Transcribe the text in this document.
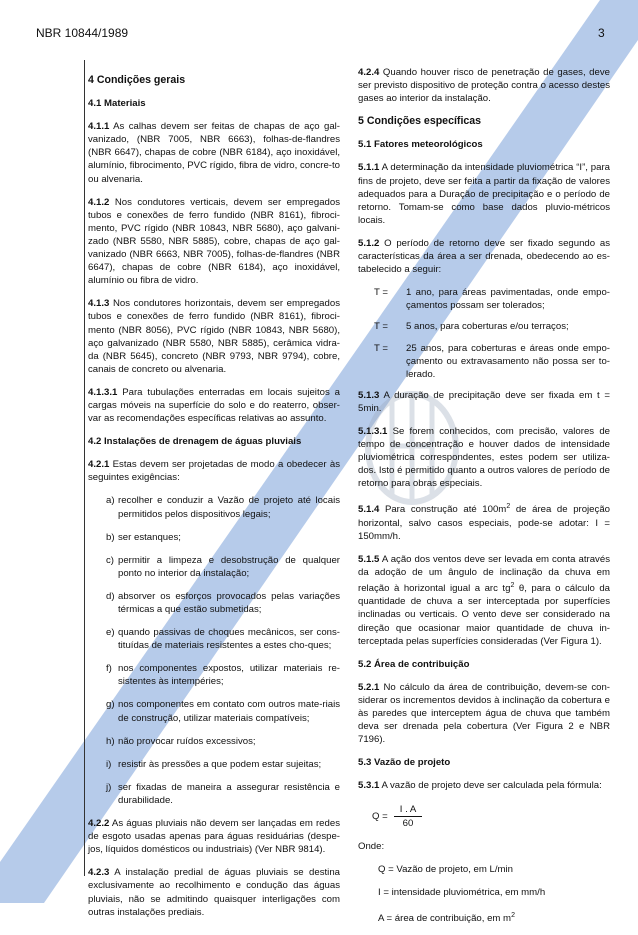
NBR 10844/1989	3
4 Condições gerais
4.1 Materiais

4.1.1 As calhas devem ser feitas de chapas de aço gal-vanizado, (NBR 7005, NBR 6663), folhas-de-flandres (NBR 6647), chapas de cobre (NBR 6184), aço inoxidável, alumínio, fibrocimento, PVC rígido, fibra de vidro, concre-to ou alvenaria.

4.1.2 Nos condutores verticais, devem ser empregados tubos e conexões de ferro fundido (NBR 8161), fibroci-mento, PVC rígido (NBR 10843, NBR 5680), aço galvani-zado (NBR 5580, NBR 5885), cobre, chapas de aço gal-vanizado (NBR 6663, NBR 7005), folhas-de-flandres (NBR 6647), chapas de cobre (NBR 6184), aço inoxidável, alumínio ou fibra de vidro.

4.1.3 Nos condutores horizontais, devem ser empregados tubos e conexões de ferro fundido (NBR 8161), fibroci-mento (NBR 8056), PVC rígido (NBR 10843, NBR 5680), aço galvanizado (NBR 5580, NBR 5885), cerâmica vidra-da (NBR 5645), concreto (NBR 9793, NBR 9794), cobre, canais de concreto ou alvenaria.

4.1.3.1 Para tubulações enterradas em locais sujeitos a cargas móveis na superfície do solo e do reaterro, obser-var as recomendações específicas relativas ao assunto.

4.2 Instalações de drenagem de águas pluviais

4.2.1 Estas devem ser projetadas de modo a obedecer às seguintes exigências:

a) recolher e conduzir a Vazão de projeto até locais permitidos pelos dispositivos legais;
b) ser estanques;
c) permitir a limpeza e desobstrução de qualquer ponto no interior da instalação;
d) absorver os esforços provocados pelas variações térmicas a que estão submetidas;
e) quando passivas de choques mecânicos, ser cons-tituídas de materiais resistentes a estes cho-ques;
f) nos componentes expostos, utilizar materiais re-sistentes às intempéries;
g) nos componentes em contato com outros mate-riais de construção, utilizar materiais compatíveis;
h) não provocar ruídos excessivos;
i) resistir às pressões a que podem estar sujeitas;
j) ser fixadas de maneira a assegurar resistência e durabilidade.

4.2.2 As águas pluviais não devem ser lançadas em redes de esgoto usadas apenas para águas residuárias (despe-jos, líquidos domésticos ou industriais) (Ver NBR 9814).

4.2.3 A instalação predial de águas pluviais se destina exclusivamente ao recolhimento e condução das águas pluviais, não se admitindo quaisquer interligações com outras instalações prediais.

4.2.4 Quando houver risco de penetração de gases, deve ser previsto dispositivo de proteção contra o acesso destes gases ao interior da instalação.

5 Condições específicas
5.1 Fatores meteorológicos

5.1.1 A determinação da intensidade pluviométrica “I”, para fins de projeto, deve ser feita a partir da fixação de valores adequados para a Duração de precipitação e o período de retorno. Tomam-se como base dados pluvio-métricos locais.

5.1.2 O período de retorno deve ser fixado segundo as características da área a ser drenada, obedecendo ao es-tabelecido a seguir:

T =	1 ano, para áreas pavimentadas, onde empo-çamentos possam ser tolerados;
T =	5 anos, para coberturas e/ou terraços;
T =	25 anos, para coberturas e áreas onde empo-çamento ou extravasamento não possa ser to-lerado.

5.1.3 A duração de precipitação deve ser fixada em t = 5min.

5.1.3.1 Se forem conhecidos, com precisão, valores de tempo de concentração e houver dados de intensidade pluviométrica correspondentes, estes podem ser utiliza-dos. Isto é permitido quanto a outros valores de período de retorno para obras especiais.

5.1.4 Para construção até $100m^2$ de área de projeção horizontal, salvo casos especiais, pode-se adotar: I = 150mm/h.

5.1.5 A ação dos ventos deve ser levada em conta através da adoção de um ângulo de inclinação da chuva em relação à horizontal igual a arc $tg^2$ θ, para o cálculo da quantidade de chuva a ser interceptada por superfícies inclinadas ou verticais. O vento deve ser considerado na direção que ocasionar maior quantidade de chuva in-terceptada pelas superfícies consideradas (Ver Figura 1).

5.2 Área de contribuição

5.2.1 No cálculo da área de contribuição, devem-se con-siderar os incrementos devidos à inclinação da cobertura e às paredes que interceptem água de chuva que também deva ser drenada pela cobertura (Ver Figura 2 e NBR 7196).

5.3 Vazão de projeto

5.3.1 A vazão de projeto deve ser calculada pela fórmula:

$Q = \frac{I . A}{60}$

Onde:

Q = Vazão de projeto, em L/min

I = intensidade pluviométrica, em mm/h

A = área de contribuição, em $m^2$
